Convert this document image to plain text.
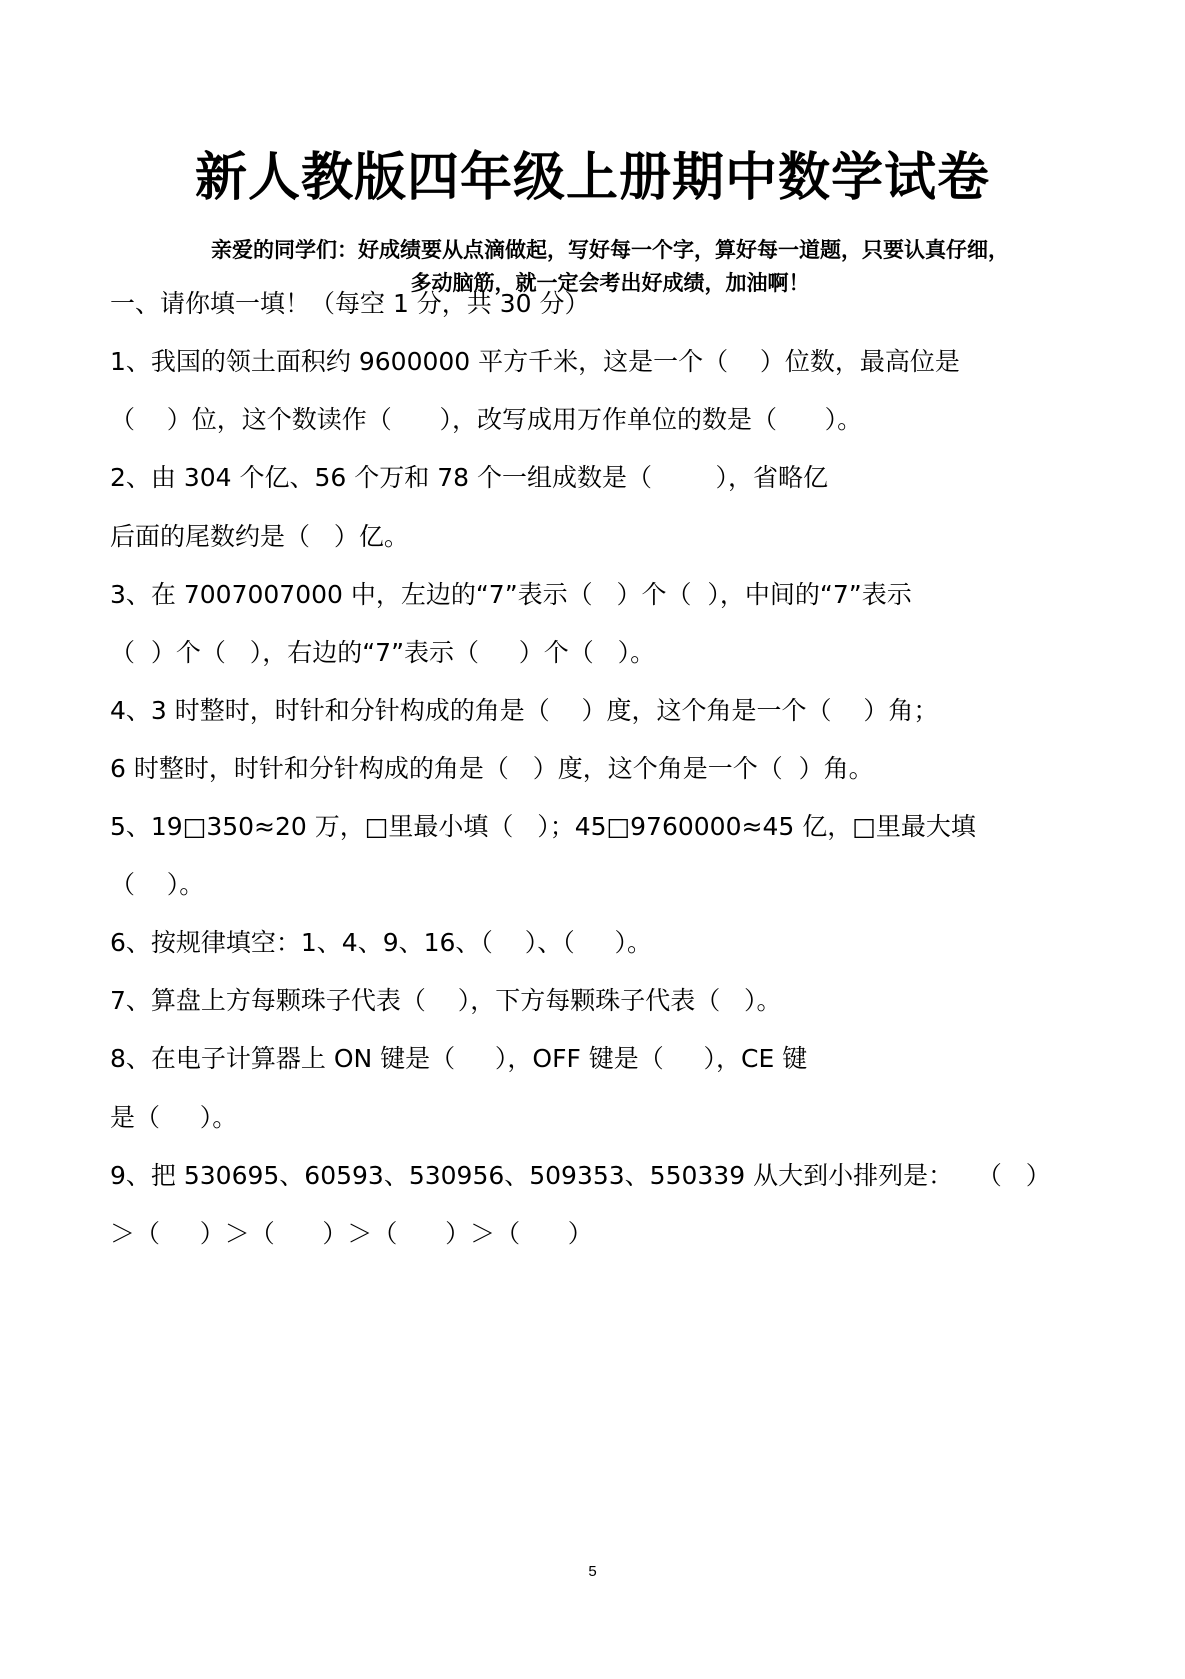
新人教版四年级上册期中数学试卷
亲爱的同学们：好成绩要从点滴做起，写好每一个字，算好每一道题，只要认真仔细，
多动脑筋，就一定会考出好成绩，加油啊！
一、请你填一填！（每空 1 分，共 30 分）
1、我国的领土面积约 9600000 平方千米，这是一个（    ）位数，最高位是
（    ）位，这个数读作（      ），改写成用万作单位的数是（      ）。
2、由 304 个亿、56 个万和 78 个一组成数是（        ），省略亿
后面的尾数约是（   ）亿。
3、在 7007007000 中，左边的“7”表示（   ）个（  ），中间的“7”表示
（  ）个（   ），右边的“7”表示（     ）个（   ）。
4、3 时整时，时针和分针构成的角是（    ）度，这个角是一个（    ）角；
6 时整时，时针和分针构成的角是（   ）度，这个角是一个（  ）角。
5、19□350≈20 万，□里最小填（   ）；45□9760000≈45 亿，□里最大填
（    ）。
6、按规律填空：1、4、9、16、（    ）、（     ）。
7、算盘上方每颗珠子代表（    ），下方每颗珠子代表（   ）。
8、在电子计算器上 ON 键是（     ），OFF 键是（     ），CE 键
是（     ）。
9、把 530695、60593、530956、509353、550339 从大到小排列是：   （   ）
＞（     ）＞（      ）＞（      ）＞（      ）
5
